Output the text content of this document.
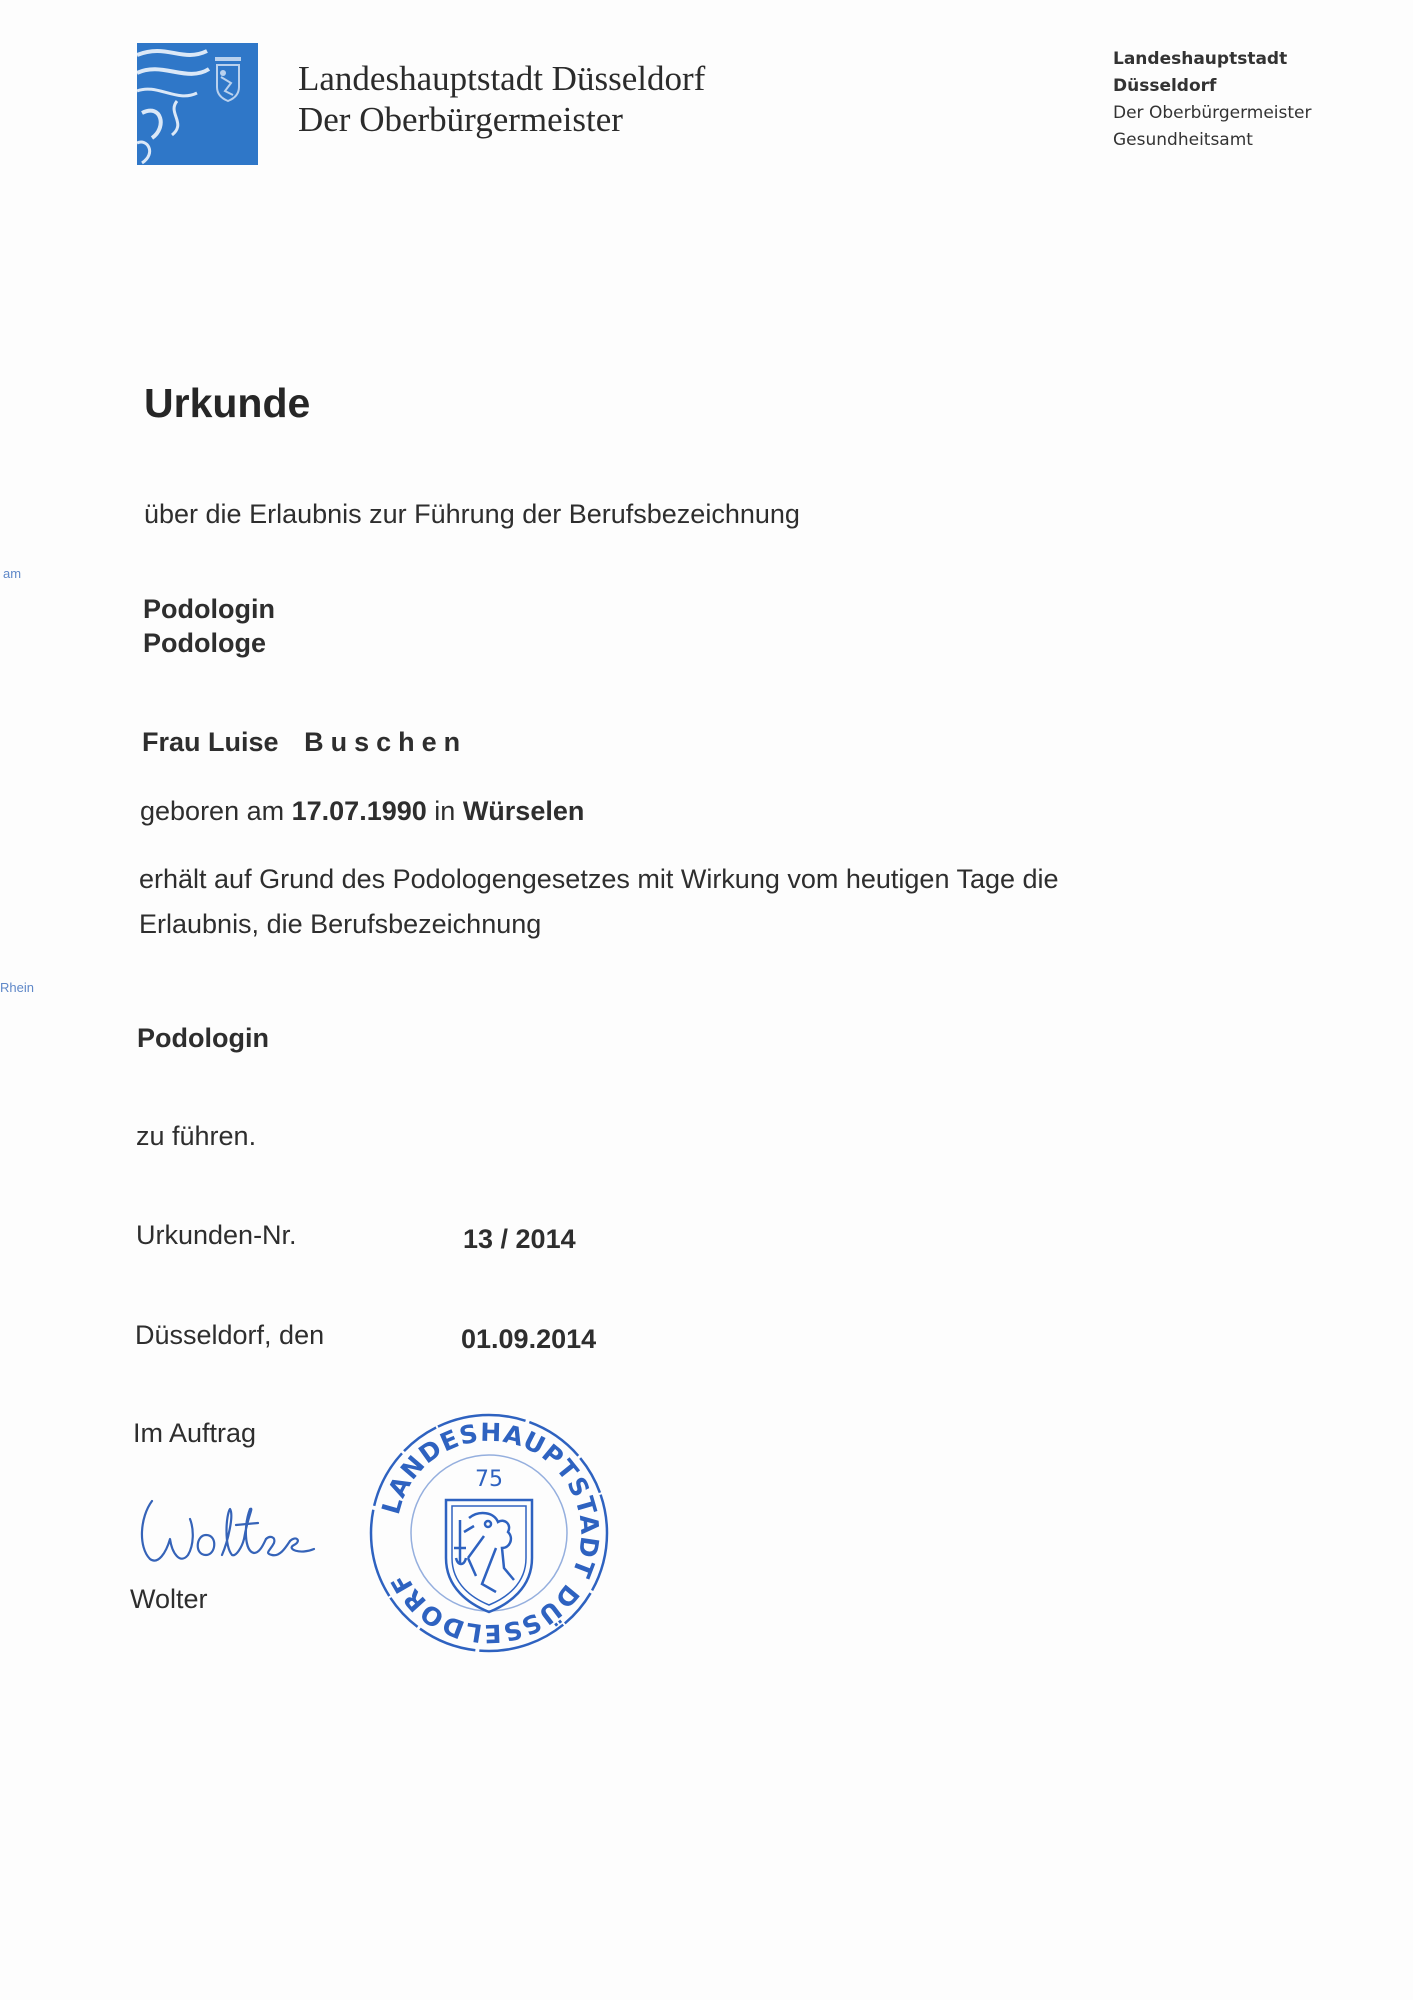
Landeshauptstadt Düsseldorf
Der Oberbürgermeister
Landeshauptstadt
Düsseldorf
Der Oberbürgermeister
Gesundheitsamt
am
Rhein
Urkunde
über die Erlaubnis zur Führung der Berufsbezeichnung
Podologin
Podologe
Frau Luise Buschen
geboren am 17.07.1990 in Würselen
erhält auf Grund des Podologengesetzes mit Wirkung vom heutigen Tage die
Erlaubnis, die Berufsbezeichnung
Podologin
zu führen.
Urkunden-Nr.	13 / 2014
Düsseldorf, den	01.09.2014
Im Auftrag
Wolter
LANDESHAUPTSTADT DÜSSELDORF
75
